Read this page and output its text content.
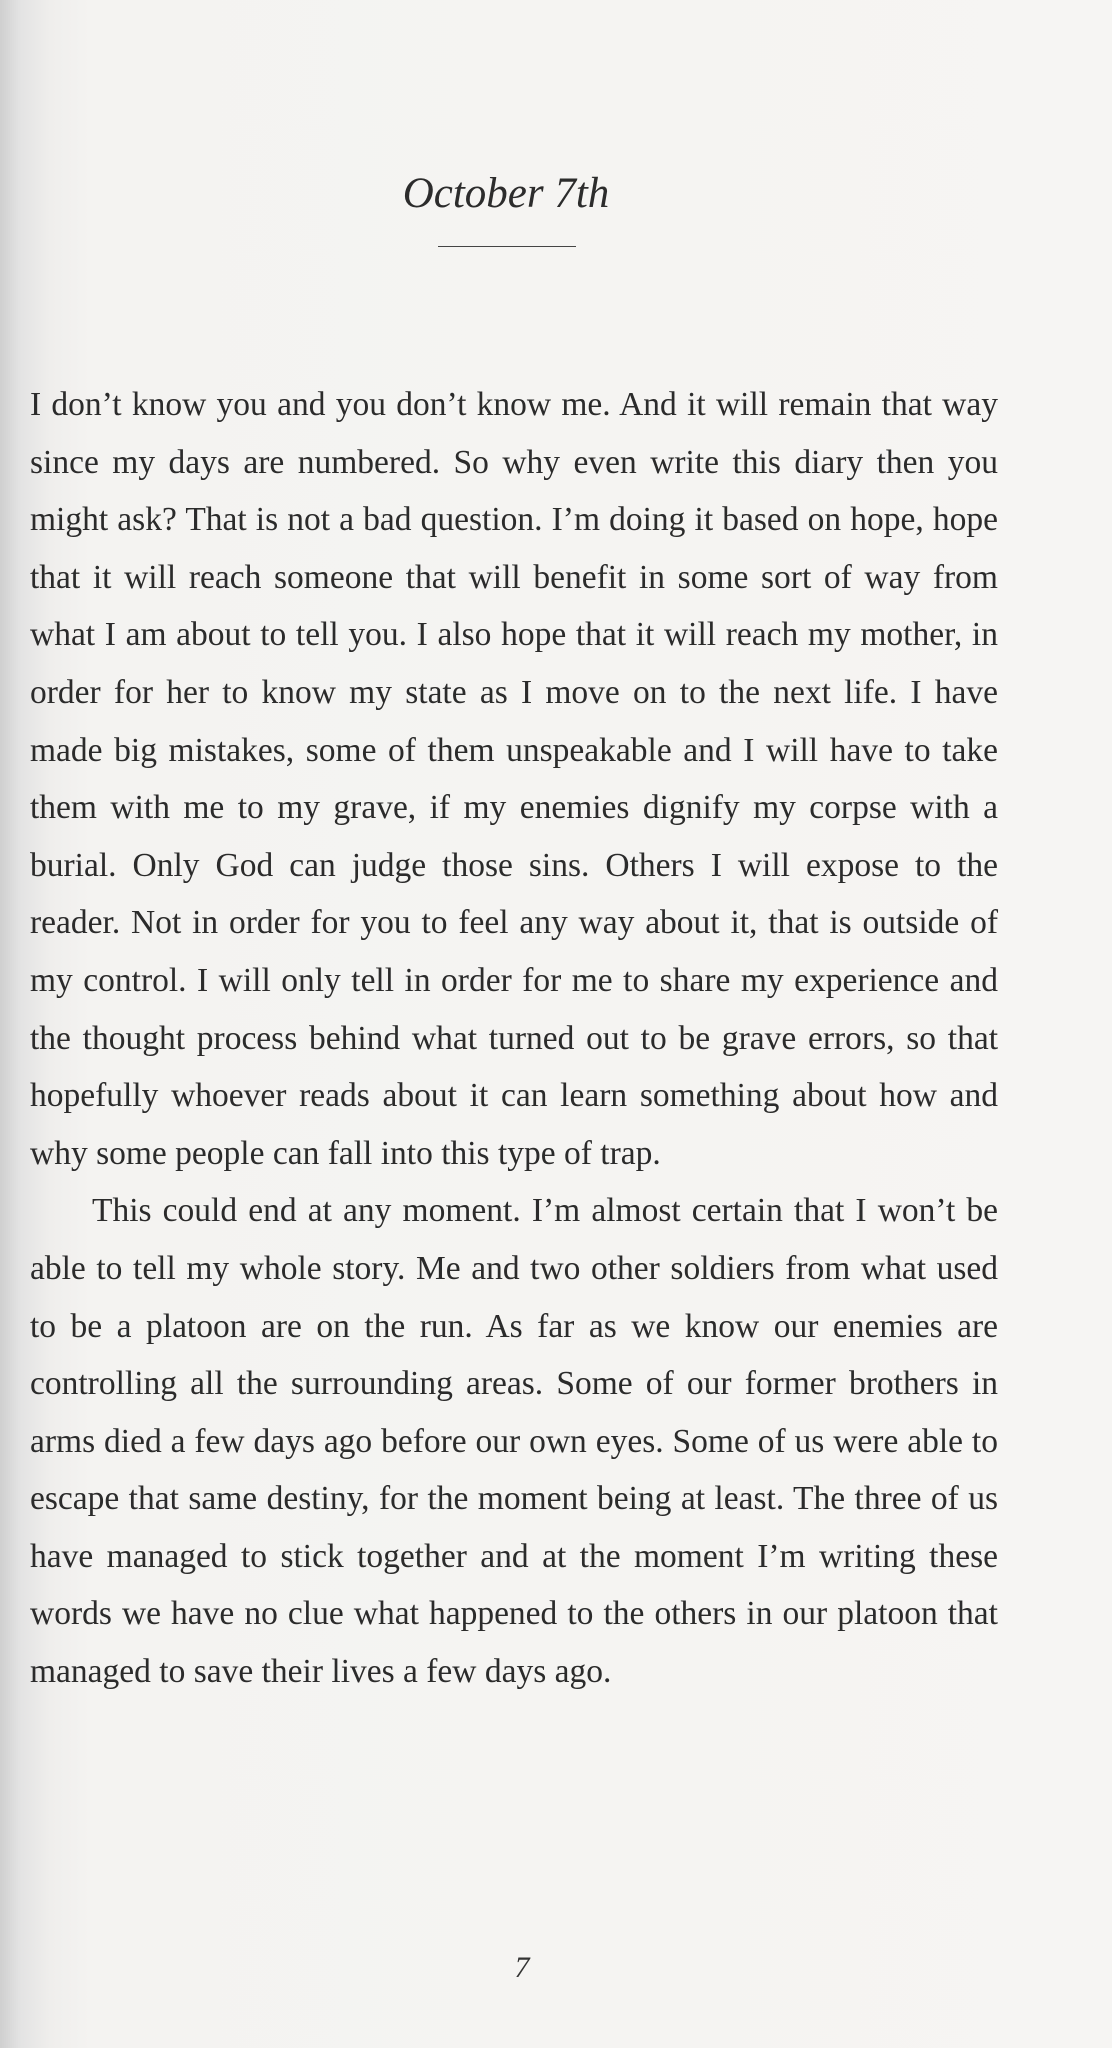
October 7th

I don’t know you and you don’t know me. And it will remain that way since my days are numbered. So why even write this diary then you might ask? That is not a bad question. I’m doing it based on hope, hope that it will reach someone that will benefit in some sort of way from what I am about to tell you. I also hope that it will reach my mother, in order for her to know my state as I move on to the next life. I have made big mistakes, some of them unspeakable and I will have to take them with me to my grave, if my enemies dignify my corpse with a burial. Only God can judge those sins. Others I will expose to the reader. Not in order for you to feel any way about it, that is outside of my control. I will only tell in order for me to share my experience and the thought process behind what turned out to be grave errors, so that hopefully whoever reads about it can learn something about how and why some people can fall into this type of trap.

This could end at any moment. I’m almost certain that I won’t be able to tell my whole story. Me and two other soldiers from what used to be a platoon are on the run. As far as we know our enemies are controlling all the surrounding areas. Some of our former brothers in arms died a few days ago before our own eyes. Some of us were able to escape that same destiny, for the moment being at least. The three of us have managed to stick together and at the moment I’m writing these words we have no clue what happened to the others in our platoon that managed to save their lives a few days ago.

7
